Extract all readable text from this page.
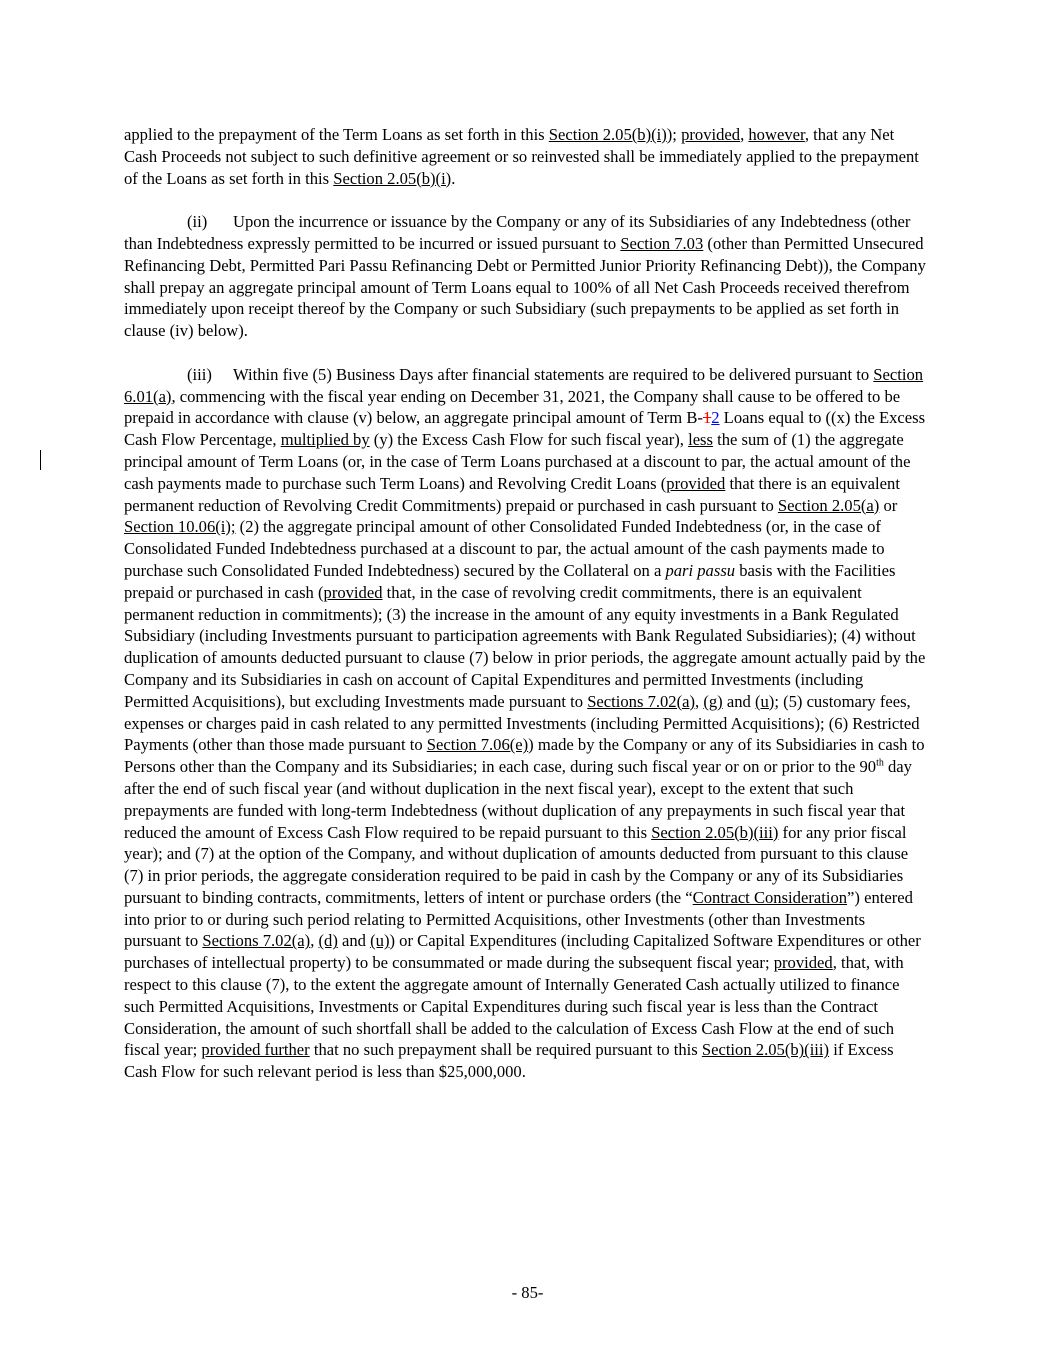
applied to the prepayment of the Term Loans as set forth in this Section 2.05(b)(i)); provided, however, that any Net Cash Proceeds not subject to such definitive agreement or so reinvested shall be immediately applied to the prepayment of the Loans as set forth in this Section 2.05(b)(i).

(ii) Upon the incurrence or issuance by the Company or any of its Subsidiaries of any Indebtedness (other than Indebtedness expressly permitted to be incurred or issued pursuant to Section 7.03 (other than Permitted Unsecured Refinancing Debt, Permitted Pari Passu Refinancing Debt or Permitted Junior Priority Refinancing Debt)), the Company shall prepay an aggregate principal amount of Term Loans equal to 100% of all Net Cash Proceeds received therefrom immediately upon receipt thereof by the Company or such Subsidiary (such prepayments to be applied as set forth in clause (iv) below).

(iii) Within five (5) Business Days after financial statements are required to be delivered pursuant to Section 6.01(a), commencing with the fiscal year ending on December 31, 2021, the Company shall cause to be offered to be prepaid in accordance with clause (v) below, an aggregate principal amount of Term B-12 Loans equal to ((x) the Excess Cash Flow Percentage, multiplied by (y) the Excess Cash Flow for such fiscal year), less the sum of (1) the aggregate principal amount of Term Loans (or, in the case of Term Loans purchased at a discount to par, the actual amount of the cash payments made to purchase such Term Loans) and Revolving Credit Loans (provided that there is an equivalent permanent reduction of Revolving Credit Commitments) prepaid or purchased in cash pursuant to Section 2.05(a) or Section 10.06(i); (2) the aggregate principal amount of other Consolidated Funded Indebtedness (or, in the case of Consolidated Funded Indebtedness purchased at a discount to par, the actual amount of the cash payments made to purchase such Consolidated Funded Indebtedness) secured by the Collateral on a pari passu basis with the Facilities prepaid or purchased in cash (provided that, in the case of revolving credit commitments, there is an equivalent permanent reduction in commitments); (3) the increase in the amount of any equity investments in a Bank Regulated Subsidiary (including Investments pursuant to participation agreements with Bank Regulated Subsidiaries); (4) without duplication of amounts deducted pursuant to clause (7) below in prior periods, the aggregate amount actually paid by the Company and its Subsidiaries in cash on account of Capital Expenditures and permitted Investments (including Permitted Acquisitions), but excluding Investments made pursuant to Sections 7.02(a), (g) and (u); (5) customary fees, expenses or charges paid in cash related to any permitted Investments (including Permitted Acquisitions); (6) Restricted Payments (other than those made pursuant to Section 7.06(e)) made by the Company or any of its Subsidiaries in cash to Persons other than the Company and its Subsidiaries; in each case, during such fiscal year or on or prior to the 90th day after the end of such fiscal year (and without duplication in the next fiscal year), except to the extent that such prepayments are funded with long-term Indebtedness (without duplication of any prepayments in such fiscal year that reduced the amount of Excess Cash Flow required to be repaid pursuant to this Section 2.05(b)(iii) for any prior fiscal year); and (7) at the option of the Company, and without duplication of amounts deducted from pursuant to this clause (7) in prior periods, the aggregate consideration required to be paid in cash by the Company or any of its Subsidiaries pursuant to binding contracts, commitments, letters of intent or purchase orders (the “Contract Consideration”) entered into prior to or during such period relating to Permitted Acquisitions, other Investments (other than Investments pursuant to Sections 7.02(a), (d) and (u)) or Capital Expenditures (including Capitalized Software Expenditures or other purchases of intellectual property) to be consummated or made during the subsequent fiscal year; provided, that, with respect to this clause (7), to the extent the aggregate amount of Internally Generated Cash actually utilized to finance such Permitted Acquisitions, Investments or Capital Expenditures during such fiscal year is less than the Contract Consideration, the amount of such shortfall shall be added to the calculation of Excess Cash Flow at the end of such fiscal year; provided further that no such prepayment shall be required pursuant to this Section 2.05(b)(iii) if Excess Cash Flow for such relevant period is less than $25,000,000.

- 85-
